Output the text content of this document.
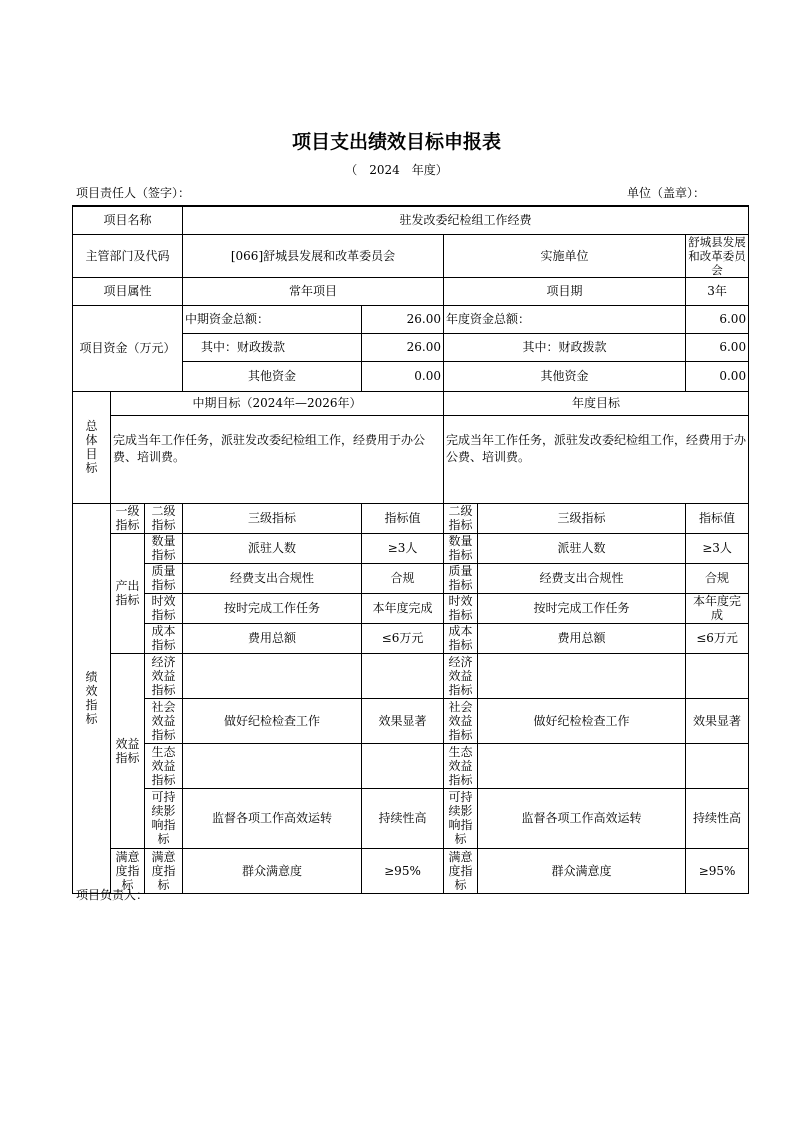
项目支出绩效目标申报表
（　2024　年度）
项目责任人（签字）：	单位（盖章）：
项目名称			驻发改委纪检组工作经费				
主管部门及代码			[066]舒城县发展和改革委员会		实施单位		舒城县发展和改革委员会
项目属性			常年项目		项目期		3年
项目资金（万元）			中期资金总额：	26.00	年度资金总额：		6.00
			其中：财政拨款	26.00	其中：财政拨款		6.00
			其他资金	0.00	其他资金		0.00
总体目标	中期目标（2024年—2026年）				年度目标		
	完成当年工作任务，派驻发改委纪检组工作，经费用于办公费、培训费。				完成当年工作任务，派驻发改委纪检组工作，经费用于办公费、培训费。		
绩效指标	一级指标	二级指标	三级指标	指标值	二级指标	三级指标	指标值
	产出指标	数量指标	派驻人数	≥3人	数量指标	派驻人数	≥3人
		质量指标	经费支出合规性	合规	质量指标	经费支出合规性	合规
		时效指标	按时完成工作任务	本年度完成	时效指标	按时完成工作任务	本年度完成
		成本指标	费用总额	≤6万元	成本指标	费用总额	≤6万元
	效益指标	经济效益指标			经济效益指标		
		社会效益指标	做好纪检检查工作	效果显著	社会效益指标	做好纪检检查工作	效果显著
		生态效益指标			生态效益指标		
		可持续影响指标	监督各项工作高效运转	持续性高	可持续影响指标	监督各项工作高效运转	持续性高
	满意度指标	满意度指标	群众满意度	≥95%	满意度指标	群众满意度	≥95%
项目负责人：
